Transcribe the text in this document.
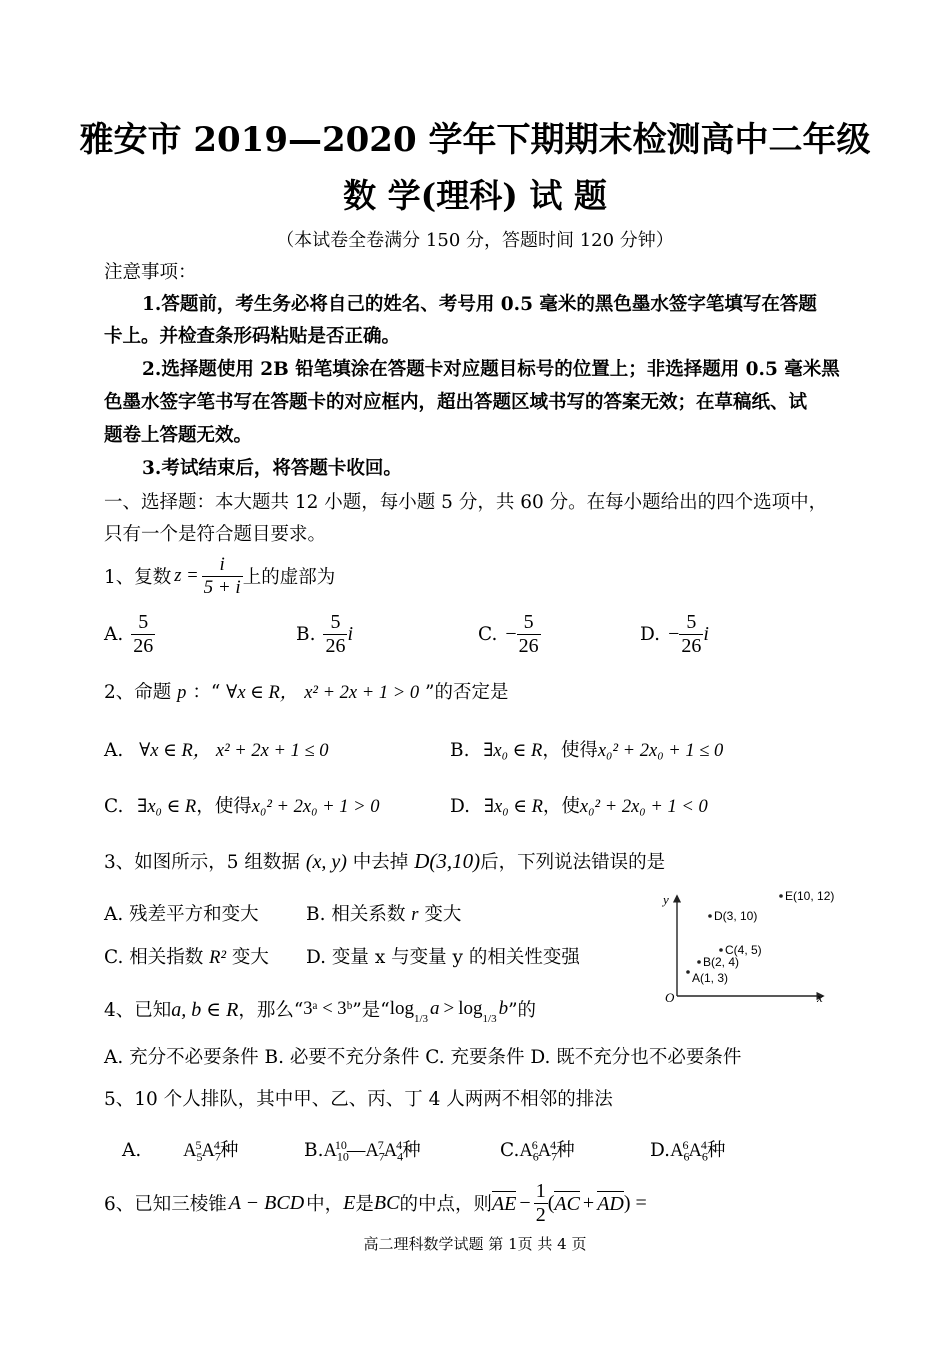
雅安市 2019—2020 学年下期期末检测高中二年级
数 学(理科) 试 题
（本试卷全卷满分 150 分，答题时间 120 分钟）
注意事项：
1.答题前，考生务必将自己的姓名、考号用 0.5 毫米的黑色墨水签字笔填写在答题
卡上。并检查条形码粘贴是否正确。
2.选择题使用 2B 铅笔填涂在答题卡对应题目标号的位置上；非选择题用 0.5 毫米黑
色墨水签字笔书写在答题卡的对应框内，超出答题区域书写的答案无效；在草稿纸、试
题卷上答题无效。
3.考试结束后，将答题卡收回。
一、选择题：本大题共 12 小题，每小题 5 分，共 60 分。在每小题给出的四个选项中，
只有一个是符合题目要求。
1、复数 $z = \frac{i}{5 + i}$ 上的虚部为
A. $\frac{5}{26}$	B. $\frac{5}{26}$ i	C. − $\frac{5}{26}$	D. − $\frac{5}{26}$ i
2、命题 p ：“ ∀x ∈ R， x² + 2x + 1 > 0 ”的否定是
A. ∀x ∈ R， x² + 2x + 1 ≤ 0	B. ∃x₀ ∈ R，使得x₀² + 2x₀ + 1 ≤ 0
C. ∃x₀ ∈ R，使得x₀² + 2x₀ + 1 > 0	D. ∃x₀ ∈ R，使x₀² + 2x₀ + 1 < 0
3、如图所示，5 组数据 (x, y) 中去掉 D(3,10)后，下列说法错误的是
A. 残差平方和变大	B. 相关系数 r 变大
C. 相关指数 R² 变大 D. 变量 x 与变量 y 的相关性变强
y
x
O
E(10, 12)
D(3, 10)
C(4, 5)
B(2, 4)
A(1, 3)
4、已知 a, b ∈ R ，那么“ 3ᵃ < 3ᵇ ”是“ log 1/3 a > log 1/3 b ”的
A. 充分不必要条件 B. 必要不充分条件 C. 充要条件 D. 既不充分也不必要条件
5、10 个人排队，其中甲、乙、丙、丁 4 人两两不相邻的排法
A. $A_5^5A_7^4$种	$B.A_{10}^{10}—A_7^7A_4^4$种	$C.A_6^6A_7^4$种	$D.A_6^6A_6^4$种
6、已知三棱锥 A − BCD 中， E 是 BC 的中点，则 AE − $\frac{1}{2}$ ( AC + AD ) =
高二理科数学试题 第 1页 共 4 页
